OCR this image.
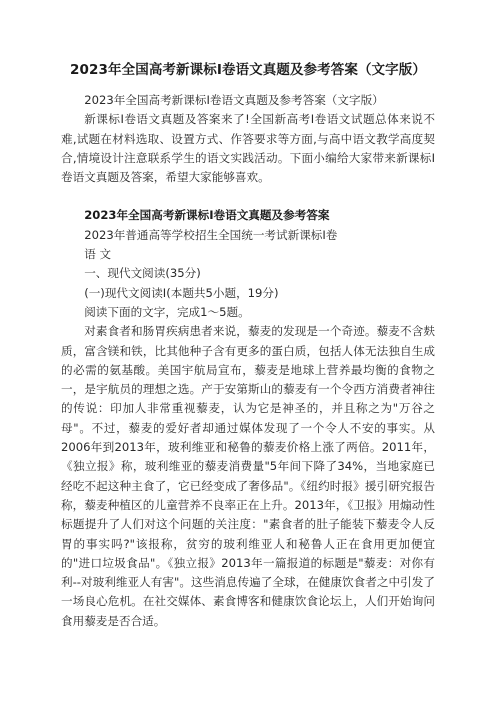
2023年全国高考新课标Ⅰ卷语文真题及参考答案（文字版）

2023年全国高考新课标Ⅰ卷语文真题及参考答案（文字版）

新课标Ⅰ卷语文真题及答案来了!全国新高考Ⅰ卷语文试题总体来说不难,试题在材料选取、设置方式、作答要求等方面,与高中语文教学高度契合,情境设计注意联系学生的语文实践活动。下面小编给大家带来新课标Ⅰ卷语文真题及答案，希望大家能够喜欢。

2023年全国高考新课标Ⅰ卷语文真题及参考答案

2023年普通高等学校招生全国统一考试新课标Ⅰ卷

语 文

一、现代文阅读(35分)

(一)现代文阅读Ⅰ(本题共5小题，19分)

阅读下面的文字，完成1～5题。

对素食者和肠胃疾病患者来说，藜麦的发现是一个奇迹。藜麦不含麸质，富含镁和铁，比其他种子含有更多的蛋白质，包括人体无法独自生成的必需的氨基酸。美国宇航局宣布，藜麦是地球上营养最均衡的食物之一，是宇航员的理想之选。产于安第斯山的藜麦有一个令西方消费者神往的传说：印加人非常重视藜麦，认为它是神圣的，并且称之为"万谷之母"。不过，藜麦的爱好者却通过媒体发现了一个令人不安的事实。从2006年到2013年，玻利维亚和秘鲁的藜麦价格上涨了两倍。2011年，《独立报》称，玻利维亚的藜麦消费量"5年间下降了34%，当地家庭已经吃不起这种主食了，它已经变成了奢侈品"。《纽约时报》援引研究报告称，藜麦种植区的儿童营养不良率正在上升。2013年，《卫报》用煽动性标题提升了人们对这个问题的关注度："素食者的肚子能装下藜麦令人反胃的事实吗?"该报称，贫穷的玻利维亚人和秘鲁人正在食用更加便宜的"进口垃圾食品"。《独立报》2013年一篇报道的标题是"藜麦：对你有利--对玻利维亚人有害"。这些消息传遍了全球，在健康饮食者之中引发了一场良心危机。在社交媒体、素食博客和健康饮食论坛上，人们开始询问食用藜麦是否合适。
